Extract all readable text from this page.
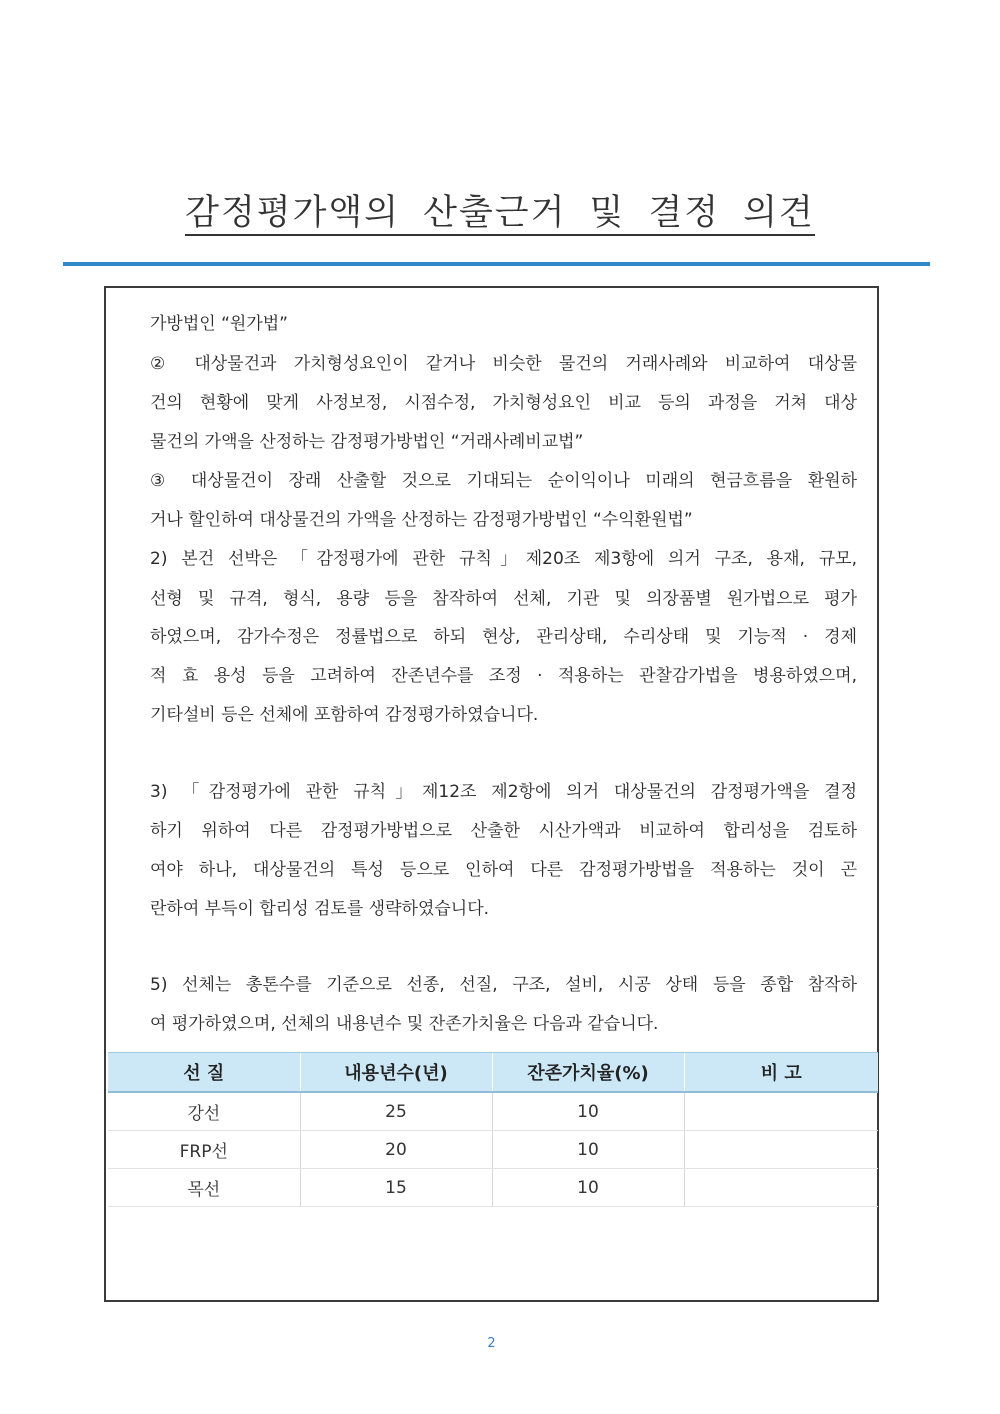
감정평가액의 산출근거 및 결정 의견
가방법인 “원가법”
② 대상물건과 가치형성요인이 같거나 비슷한 물건의 거래사례와 비교하여 대상물
건의 현황에 맞게 사정보정, 시점수정, 가치형성요인 비교 등의 과정을 거쳐 대상
물건의 가액을 산정하는 감정평가방법인 “거래사례비교법”
③ 대상물건이 장래 산출할 것으로 기대되는 순이익이나 미래의 현금흐름을 환원하
거나 할인하여 대상물건의 가액을 산정하는 감정평가방법인 “수익환원법”
2) 본건 선박은 「감정평가에 관한 규칙」제20조 제3항에 의거 구조, 용재, 규모,
선형 및 규격, 형식, 용량 등을 참작하여 선체, 기관 및 의장품별 원가법으로 평가
하였으며, 감가수정은 정률법으로 하되 현상, 관리상태, 수리상태 및 기능적 · 경제
적 효 용성 등을 고려하여 잔존년수를 조정 · 적용하는 관찰감가법을 병용하였으며,
기타설비 등은 선체에 포함하여 감정평가하였습니다.
3) 「감정평가에 관한 규칙」제12조 제2항에 의거 대상물건의 감정평가액을 결정
하기 위하여 다른 감정평가방법으로 산출한 시산가액과 비교하여 합리성을 검토하
여야 하나, 대상물건의 특성 등으로 인하여 다른 감정평가방법을 적용하는 것이 곤
란하여 부득이 합리성 검토를 생략하였습니다.
5) 선체는 총톤수를 기준으로 선종, 선질, 구조, 설비, 시공 상태 등을 종합 참작하
여 평가하였으며, 선체의 내용년수 및 잔존가치율은 다음과 같습니다.
선 질	내용년수(년)	잔존가치율(%)	비 고
강선	25	10	
FRP선	20	10	
목선	15	10	
2
